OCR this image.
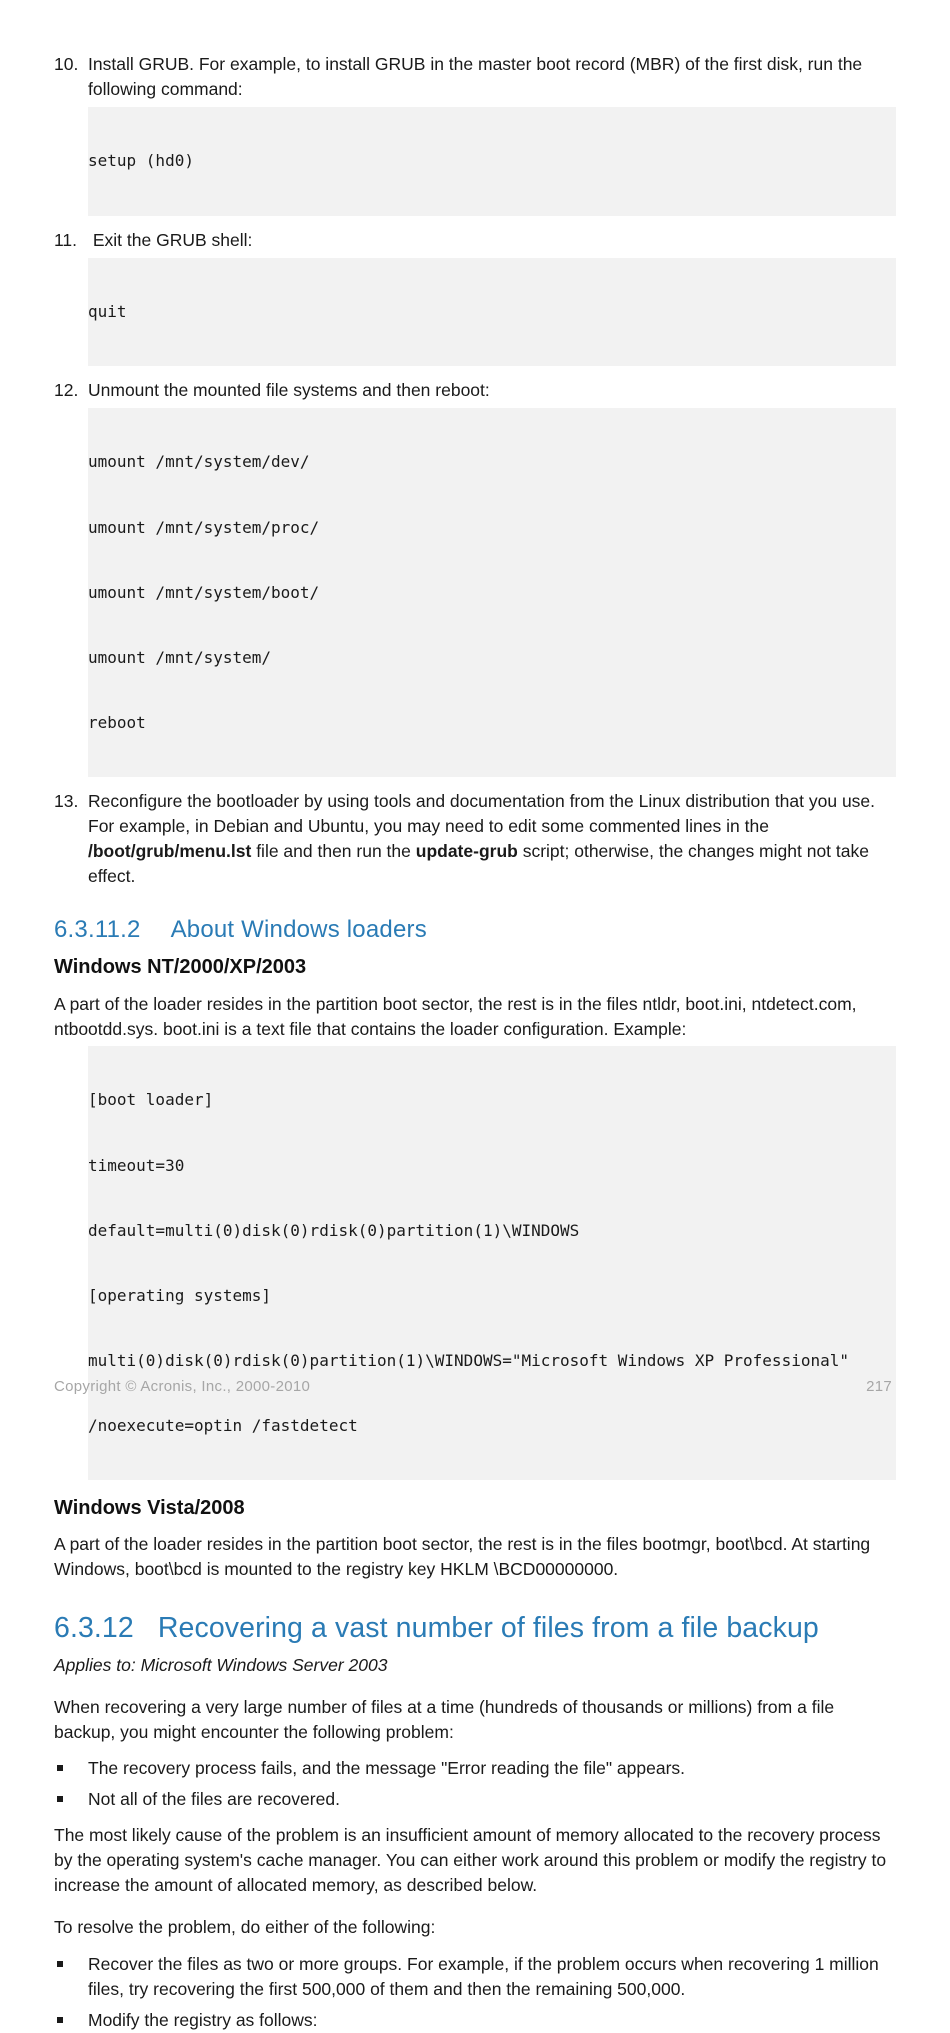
10. Install GRUB. For example, to install GRUB in the master boot record (MBR) of the first disk, run the following command:

setup (hd0)

11. Exit the GRUB shell:

quit

12. Unmount the mounted file systems and then reboot:

umount /mnt/system/dev/

umount /mnt/system/proc/

umount /mnt/system/boot/

umount /mnt/system/

reboot

13. Reconfigure the bootloader by using tools and documentation from the Linux distribution that you use. For example, in Debian and Ubuntu, you may need to edit some commented lines in the /boot/grub/menu.lst file and then run the update-grub script; otherwise, the changes might not take effect.
6.3.11.2 About Windows loaders
Windows NT/2000/XP/2003

A part of the loader resides in the partition boot sector, the rest is in the files ntldr, boot.ini, ntdetect.com, ntbootdd.sys. boot.ini is a text file that contains the loader configuration. Example:

[boot loader]

timeout=30

default=multi(0)disk(0)rdisk(0)partition(1)\WINDOWS

[operating systems]

multi(0)disk(0)rdisk(0)partition(1)\WINDOWS="Microsoft Windows XP Professional"

/noexecute=optin /fastdetect

Windows Vista/2008

A part of the loader resides in the partition boot sector, the rest is in the files bootmgr, boot\bcd. At starting Windows, boot\bcd is mounted to the registry key HKLM \BCD00000000.

6.3.12 Recovering a vast number of files from a file backup

Applies to: Microsoft Windows Server 2003

When recovering a very large number of files at a time (hundreds of thousands or millions) from a file backup, you might encounter the following problem:

The recovery process fails, and the message "Error reading the file" appears.
Not all of the files are recovered.

The most likely cause of the problem is an insufficient amount of memory allocated to the recovery process by the operating system's cache manager. You can either work around this problem or modify the registry to increase the amount of allocated memory, as described below.

To resolve the problem, do either of the following:

Recover the files as two or more groups. For example, if the problem occurs when recovering 1 million files, try recovering the first 500,000 of them and then the remaining 500,000.
Modify the registry as follows:
Copyright © Acronis, Inc., 2000-2010	217
